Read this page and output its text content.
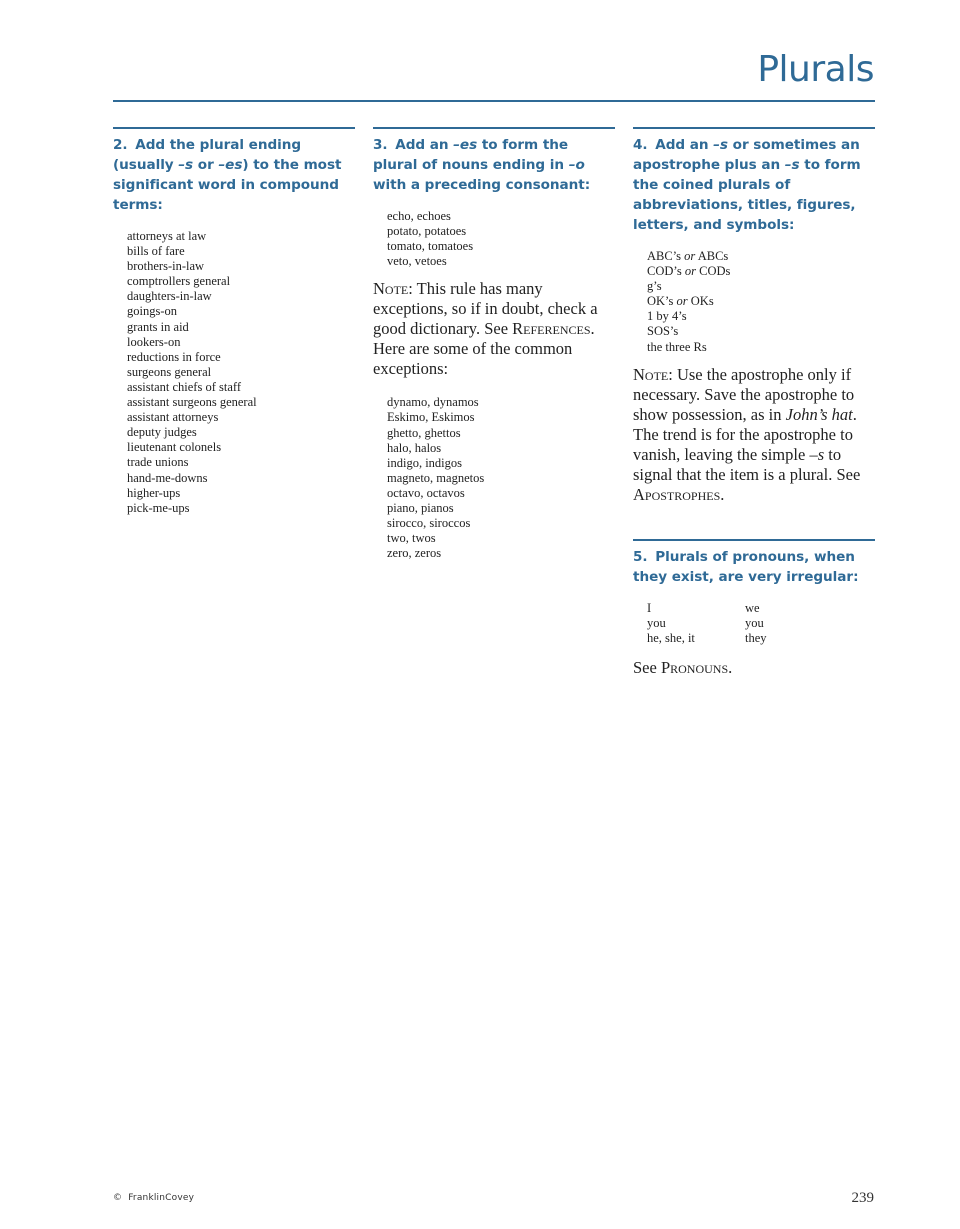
Plurals
2. Add the plural ending (usually –s or –es) to the most significant word in compound terms:
attorneys at law
bills of fare
brothers-in-law
comptrollers general
daughters-in-law
goings-on
grants in aid
lookers-on
reductions in force
surgeons general
assistant chiefs of staff
assistant surgeons general
assistant attorneys
deputy judges
lieutenant colonels
trade unions
hand-me-downs
higher-ups
pick-me-ups
3. Add an –es to form the plural of nouns ending in –o with a preceding consonant:
echo, echoes
potato, potatoes
tomato, tomatoes
veto, vetoes

Note: This rule has many exceptions, so if in doubt, check a good dictionary. See References. Here are some of the common exceptions:

dynamo, dynamos
Eskimo, Eskimos
ghetto, ghettos
halo, halos
indigo, indigos
magneto, magnetos
octavo, octavos
piano, pianos
sirocco, siroccos
two, twos
zero, zeros
4. Add an –s or sometimes an apostrophe plus an –s to form the coined plurals of abbreviations, titles, figures, letters, and symbols:
ABC’s or ABCs
COD’s or CODs
g’s
OK’s or OKs
1 by 4’s
SOS’s
the three Rs

Note: Use the apostrophe only if necessary. Save the apostrophe to show possession, as in John’s hat. The trend is for the apostrophe to vanish, leaving the simple –s to signal that the item is a plural. See Apostrophes.

5. Plurals of pronouns, when they exist, are very irregular:
I	we
you	you
he, she, it	they

See Pronouns.

© FranklinCovey	239
